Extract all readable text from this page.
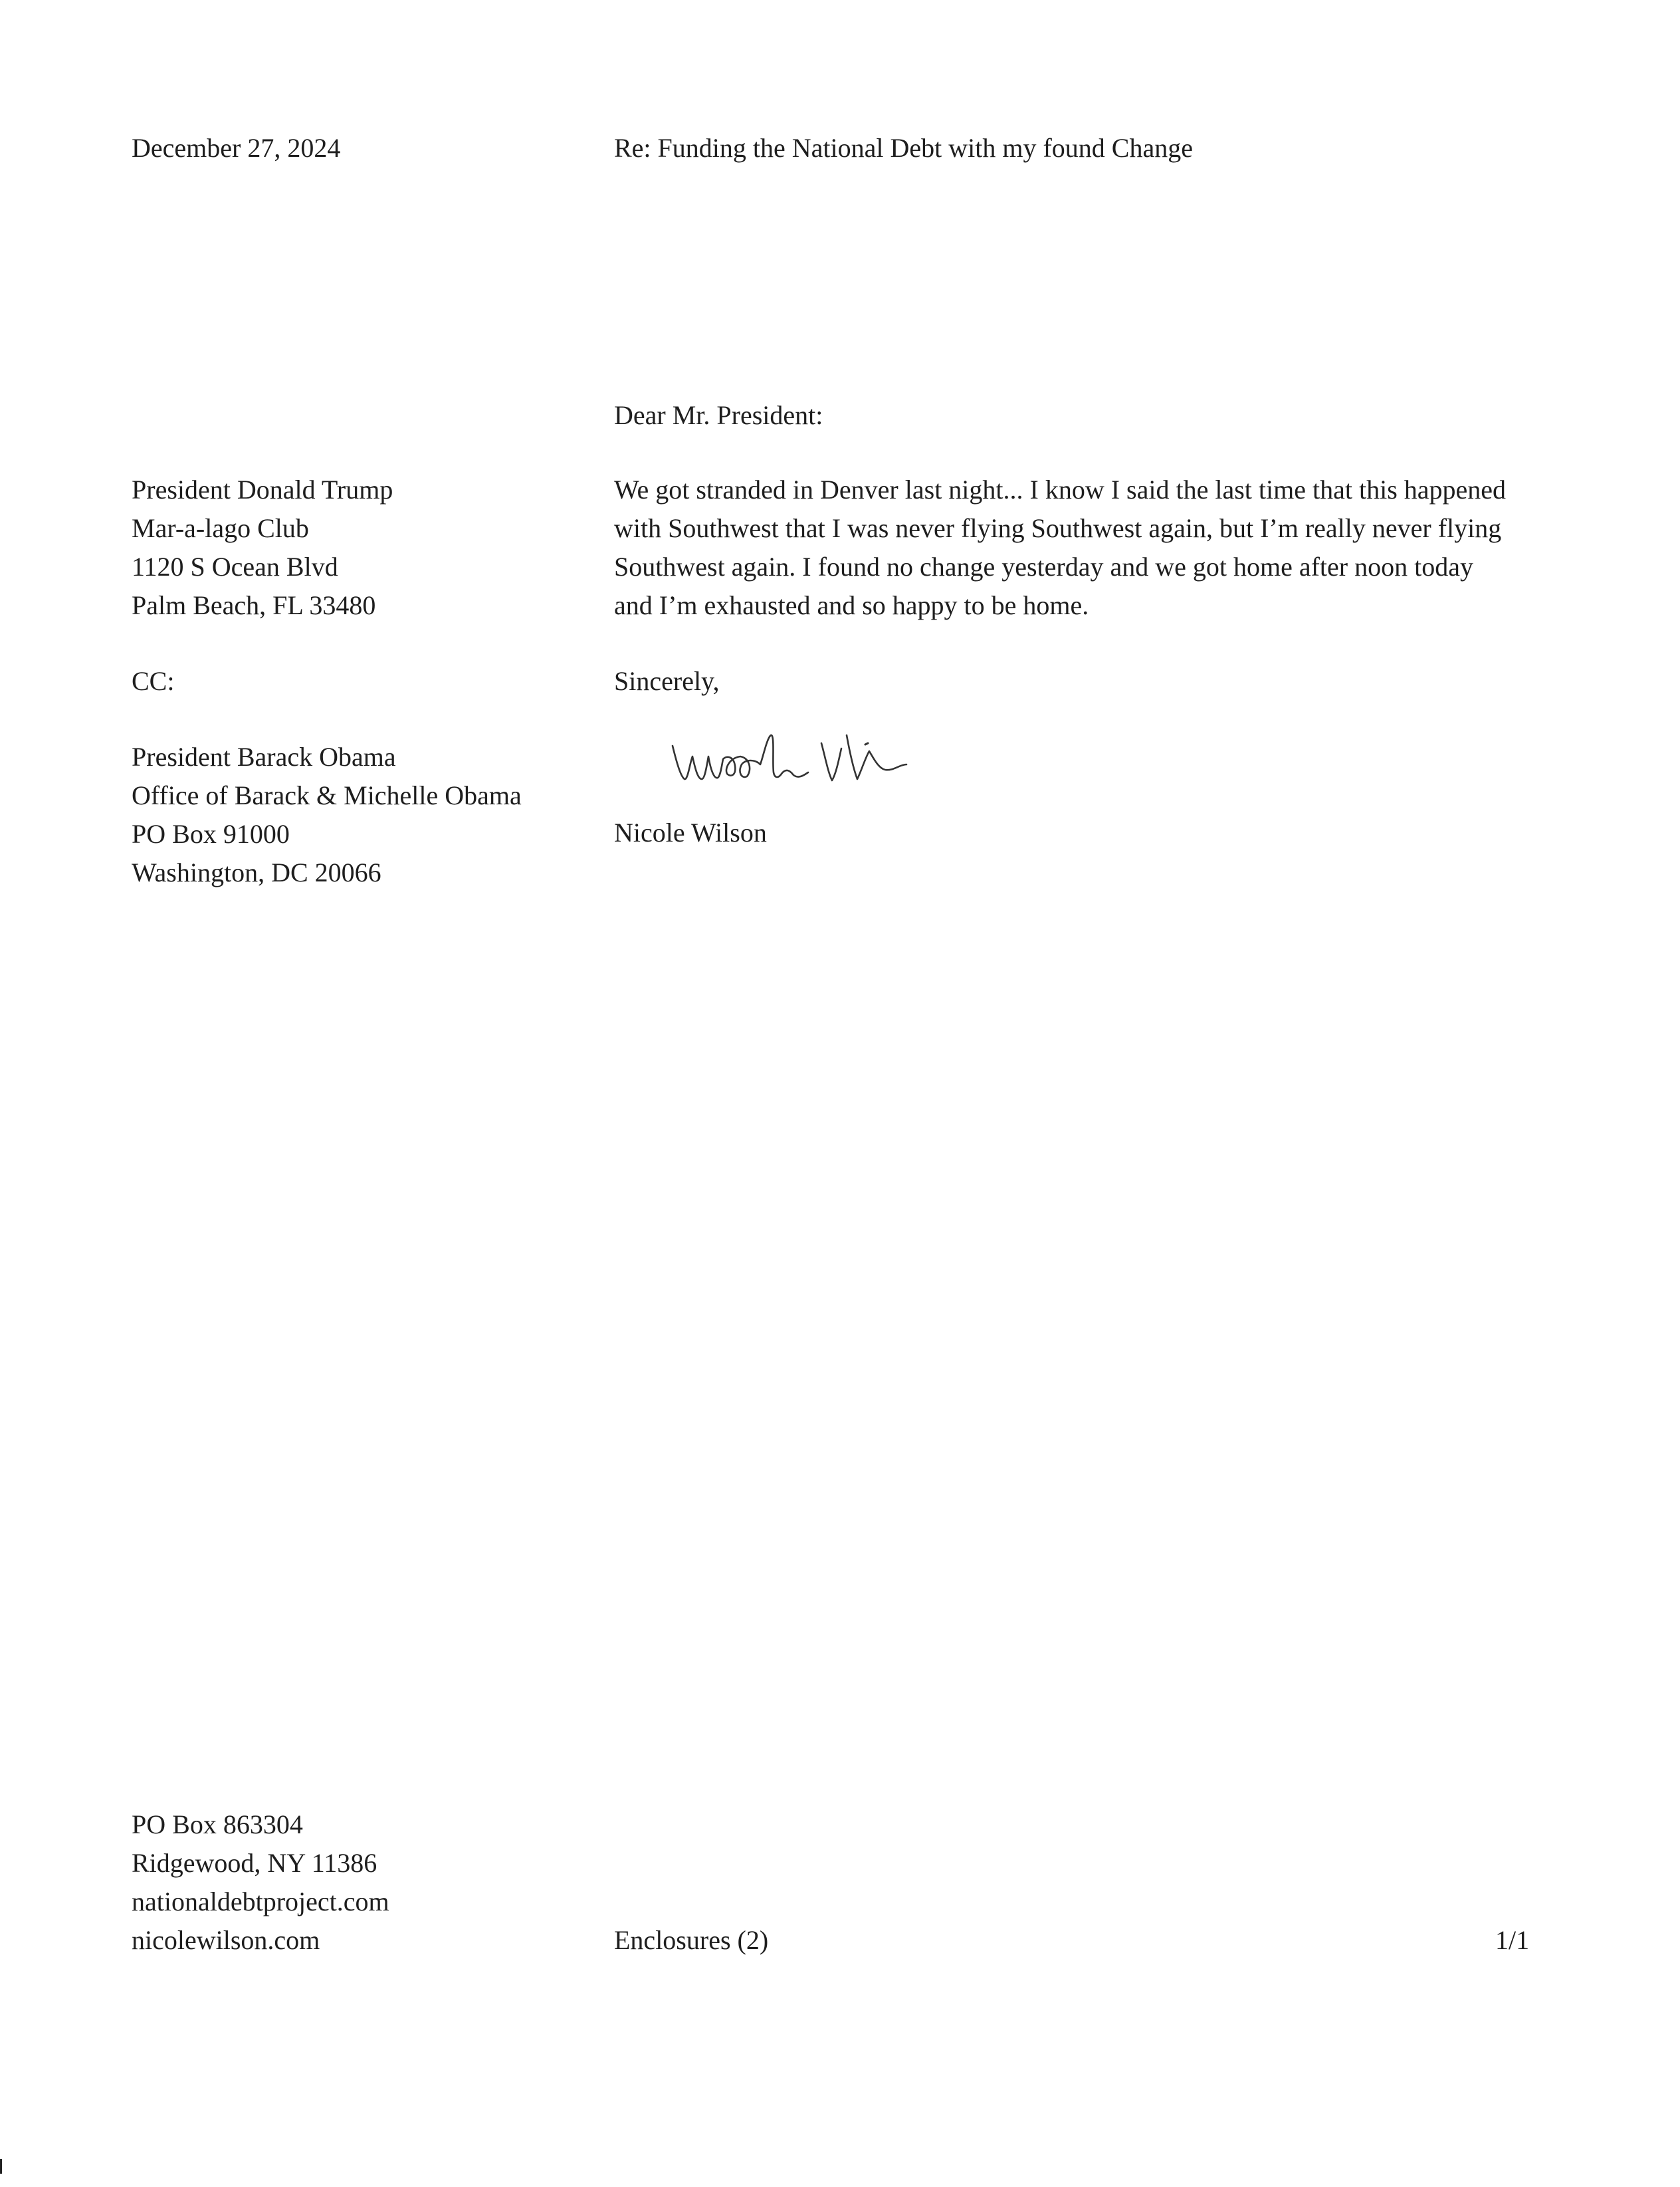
December 27, 2024	Re: Funding the National Debt with my found Change
Dear Mr. President:
President Donald Trump
Mar-a-lago Club
1120 S Ocean Blvd
Palm Beach, FL 33480
We got stranded in Denver last night... I know I said the last time that this happened
with Southwest that I was never flying Southwest again, but I’m really never flying
Southwest again. I found no change yesterday and we got home after noon today
and I’m exhausted and so happy to be home.
CC:
President Barack Obama
Office of Barack & Michelle Obama
PO Box 91000
Washington, DC 20066
Sincerely,
Nicole Wilson
PO Box 863304
Ridgewood, NY 11386
nationaldebtproject.com
nicolewilson.com	Enclosures (2)	1/1
